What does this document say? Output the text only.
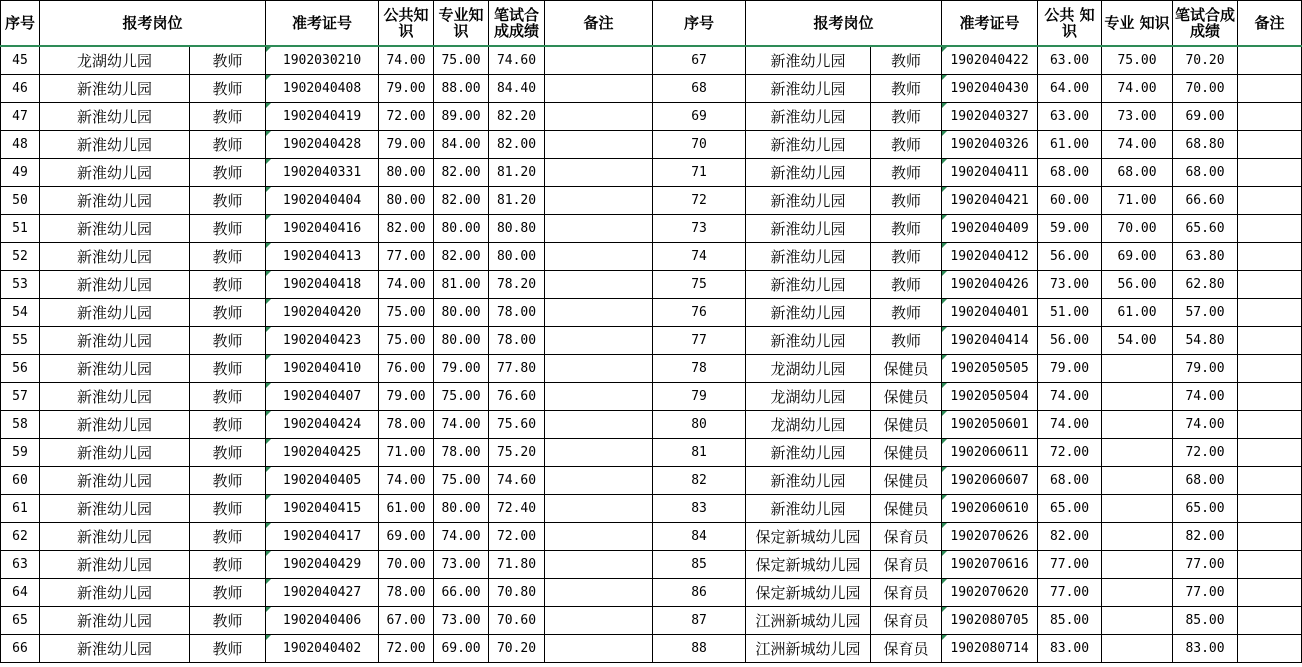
序号	报考岗位		准考证号	公共知识	专业知识	笔试合成成绩	备注	序号	报考岗位		准考证号	公共 知识	专业 知识	笔试合成成绩	备注
45	龙湖幼儿园	教师	1902030210	74.00	75.00	74.60		67	新淮幼儿园	教师	1902040422	63.00	75.00	70.20	
46	新淮幼儿园	教师	1902040408	79.00	88.00	84.40		68	新淮幼儿园	教师	1902040430	64.00	74.00	70.00	
47	新淮幼儿园	教师	1902040419	72.00	89.00	82.20		69	新淮幼儿园	教师	1902040327	63.00	73.00	69.00	
48	新淮幼儿园	教师	1902040428	79.00	84.00	82.00		70	新淮幼儿园	教师	1902040326	61.00	74.00	68.80	
49	新淮幼儿园	教师	1902040331	80.00	82.00	81.20		71	新淮幼儿园	教师	1902040411	68.00	68.00	68.00	
50	新淮幼儿园	教师	1902040404	80.00	82.00	81.20		72	新淮幼儿园	教师	1902040421	60.00	71.00	66.60	
51	新淮幼儿园	教师	1902040416	82.00	80.00	80.80		73	新淮幼儿园	教师	1902040409	59.00	70.00	65.60	
52	新淮幼儿园	教师	1902040413	77.00	82.00	80.00		74	新淮幼儿园	教师	1902040412	56.00	69.00	63.80	
53	新淮幼儿园	教师	1902040418	74.00	81.00	78.20		75	新淮幼儿园	教师	1902040426	73.00	56.00	62.80	
54	新淮幼儿园	教师	1902040420	75.00	80.00	78.00		76	新淮幼儿园	教师	1902040401	51.00	61.00	57.00	
55	新淮幼儿园	教师	1902040423	75.00	80.00	78.00		77	新淮幼儿园	教师	1902040414	56.00	54.00	54.80	
56	新淮幼儿园	教师	1902040410	76.00	79.00	77.80		78	龙湖幼儿园	保健员	1902050505	79.00		79.00	
57	新淮幼儿园	教师	1902040407	79.00	75.00	76.60		79	龙湖幼儿园	保健员	1902050504	74.00		74.00	
58	新淮幼儿园	教师	1902040424	78.00	74.00	75.60		80	龙湖幼儿园	保健员	1902050601	74.00		74.00	
59	新淮幼儿园	教师	1902040425	71.00	78.00	75.20		81	新淮幼儿园	保健员	1902060611	72.00		72.00	
60	新淮幼儿园	教师	1902040405	74.00	75.00	74.60		82	新淮幼儿园	保健员	1902060607	68.00		68.00	
61	新淮幼儿园	教师	1902040415	61.00	80.00	72.40		83	新淮幼儿园	保健员	1902060610	65.00		65.00	
62	新淮幼儿园	教师	1902040417	69.00	74.00	72.00		84	保定新城幼儿园	保育员	1902070626	82.00		82.00	
63	新淮幼儿园	教师	1902040429	70.00	73.00	71.80		85	保定新城幼儿园	保育员	1902070616	77.00		77.00	
64	新淮幼儿园	教师	1902040427	78.00	66.00	70.80		86	保定新城幼儿园	保育员	1902070620	77.00		77.00	
65	新淮幼儿园	教师	1902040406	67.00	73.00	70.60		87	江洲新城幼儿园	保育员	1902080705	85.00		85.00	
66	新淮幼儿园	教师	1902040402	72.00	69.00	70.20		88	江洲新城幼儿园	保育员	1902080714	83.00		83.00	
